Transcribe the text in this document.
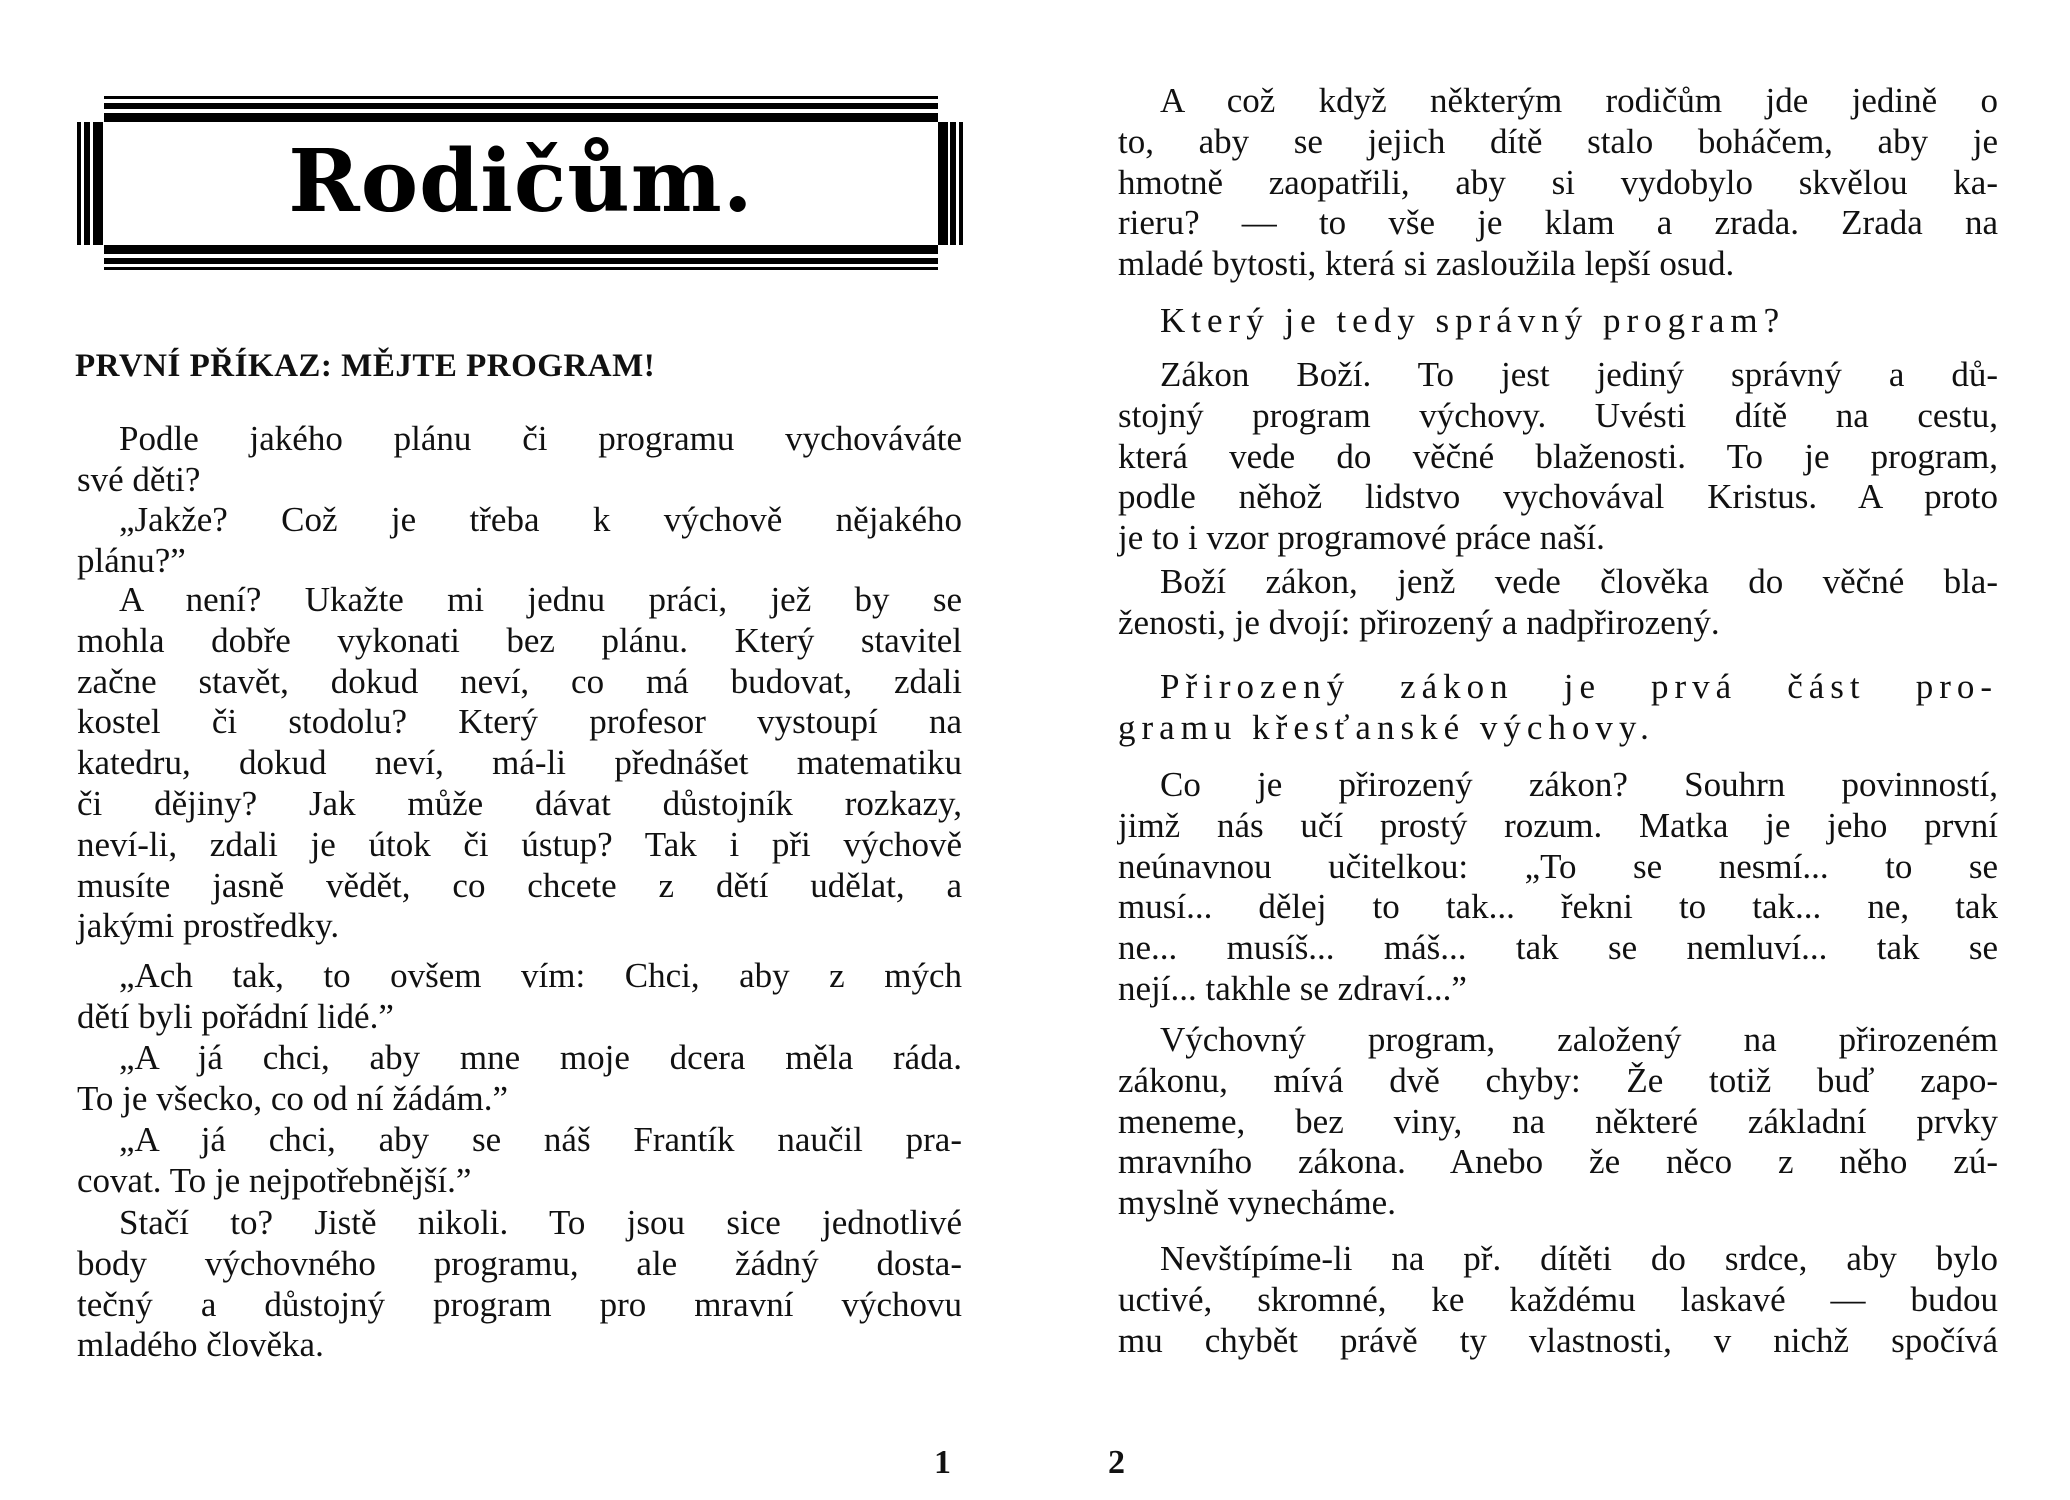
Rodičům.
PRVNÍ PŘÍKAZ: MĚJTE PROGRAM!
Podle jakého plánu či programu vychováváte
své děti?
„Jakže? Což je třeba k výchově nějakého
plánu?”
A není? Ukažte mi jednu práci, jež by se
mohla dobře vykonati bez plánu. Který stavitel
začne stavět, dokud neví, co má budovat, zdali
kostel či stodolu? Který profesor vystoupí na
katedru, dokud neví, má-li přednášet matematiku
či dějiny? Jak může dávat důstojník rozkazy,
neví-li, zdali je útok či ústup? Tak i při výchově
musíte jasně vědět, co chcete z dětí udělat, a
jakými prostředky.
„Ach tak, to ovšem vím: Chci, aby z mých
dětí byli pořádní lidé.”
„A já chci, aby mne moje dcera měla ráda.
To je všecko, co od ní žádám.”
„A já chci, aby se náš Frantík naučil pra-
covat. To je nejpotřebnější.”
Stačí to? Jistě nikoli. To jsou sice jednotlivé
body výchovného programu, ale žádný dosta-
tečný a důstojný program pro mravní výchovu
mladého člověka.
1
A což když některým rodičům jde jedině o
to, aby se jejich dítě stalo boháčem, aby je
hmotně zaopatřili, aby si vydobylo skvělou ka-
rieru? — to vše je klam a zrada. Zrada na
mladé bytosti, která si zasloužila lepší osud.
Který je tedy správný program?
Zákon Boží. To jest jediný správný a dů-
stojný program výchovy. Uvésti dítě na cestu,
která vede do věčné blaženosti. To je program,
podle něhož lidstvo vychovával Kristus. A proto
je to i vzor programové práce naší.
Boží zákon, jenž vede člověka do věčné bla-
ženosti, je dvojí: přirozený a nadpřirozený.
Přirozený zákon je prvá část pro-
gramu křesťanské výchovy.
Co je přirozený zákon? Souhrn povinností,
jimž nás učí prostý rozum. Matka je jeho první
neúnavnou učitelkou: „To se nesmí... to se
musí... dělej to tak... řekni to tak... ne, tak
ne... musíš... máš... tak se nemluví... tak se
nejí... takhle se zdraví...”
Výchovný program, založený na přirozeném
zákonu, mívá dvě chyby: Že totiž buď zapo-
meneme, bez viny, na některé základní prvky
mravního zákona. Anebo že něco z něho zú-
myslně vynecháme.
Nevštípíme-li na př. dítěti do srdce, aby bylo
uctivé, skromné, ke každému laskavé — budou
mu chybět právě ty vlastnosti, v nichž spočívá
2
